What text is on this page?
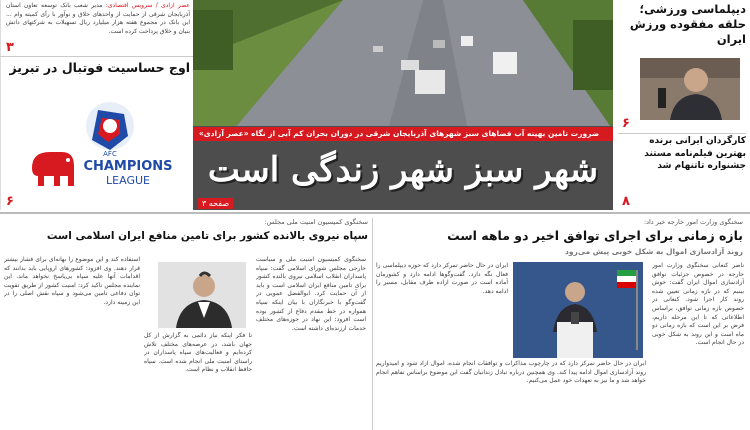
عصر آزادی / سرویس اقتصادی: مدیر شعب بانک توسعه تعاون استان آذربایجان شرقی از حمایت از واحدهای خلاق و نوآور با رأی کمیته وام ... این بانک در مجموع هفته هزار میلیارد ریال تسهیلات به شرکتهای دانش بنیان و خلاق پرداخت کرده است.
۳
اوج حساسیت فوتبال در تبریز
AFC
CHAMPIONS
LEAGUE
۶
ضرورت تامین بهینه آب فضاهای سبز شهرهای آذربایجان شرقی در دوران بحران کم آبی از نگاه «عصر آزادی»
شهر سبز شهر زندگی است
صفحه ۳
دیپلماسی ورزشی؛ حلقه مفقوده ورزش ایران
۶
کارگردان ایرانی برنده بهترین فیلم‌نامه مستند جشنواره تاتنهام شد
۸
سخنگوی وزارت امور خارجه خبر داد:
بازه زمانی برای اجرای توافق اخیر دو ماهه است
روند آزادسازی اموال به شکل خوبی پیش می‌رود
ناصر کنعانی سخنگوی وزارت امور خارجه در خصوص جزئیات توافق آزادسازی اموال ایران گفت: خوش بینیم که در بازه زمانی تعیین شده روند کار اجرا شود. کنعانی در خصوص بازه زمانی توافق، براساس اطلاعاتی که تا این مرحله داریم، فرض بر این است که بازه زمانی دو ماه است و این روند به شکل خوبی در حال انجام است.
ایران در حال حاضر تمرکز دارد که حوزه دیپلماسی را فعال نگه دارد. گفت‌وگوها ادامه دارد و کشورمان آماده است در صورت اراده طرف مقابل، مسیر را ادامه دهد.
ایران در حال حاضر تمرکز دارد که در چارچوب مذاکرات و توافقات انجام شده، اموال آزاد شود و امیدواریم روند آزادسازی اموال ادامه پیدا کند. وی همچنین درباره تبادل زندانیان گفت این موضوع براساس تفاهم انجام خواهد شد و ما نیز به تعهدات خود عمل می‌کنیم.
سخنگوی کمیسیون امنیت ملی مجلس:
سپاه نیروی بالانده کشور برای تامین منافع ایران اسلامی است
سخنگوی کمیسیون امنیت ملی و سیاست خارجی مجلس شورای اسلامی گفت: سپاه پاسداران انقلاب اسلامی نیروی بالنده کشور برای تامین منافع ایران اسلامی است و باید از آن حمایت کرد. ابوالفضل عمویی در گفت‌وگو با خبرنگاران با بیان اینکه سپاه همواره در خط مقدم دفاع از کشور بوده است افزود: این نهاد در حوزه‌های مختلف خدمات ارزنده‌ای داشته است.
تا فکر اینکه نیاز دائمی به گزارش از کل جهان باشد، در عرصه‌های مختلف تلاش کرده‌ایم و فعالیت‌های سپاه پاسداران در راستای امنیت ملی انجام شده است. سپاه حافظ انقلاب و نظام است.
استفاده کند و این موضوع را بهانه‌ای برای فشار بیشتر قرار دهند. وی افزود: کشورهای اروپایی باید بدانند که اقدامات آنها علیه سپاه بی‌پاسخ نخواهد ماند. این نماینده مجلس تاکید کرد: امنیت کشور از طریق تقویت توان دفاعی تامین می‌شود و سپاه نقش اصلی را در این زمینه دارد.
